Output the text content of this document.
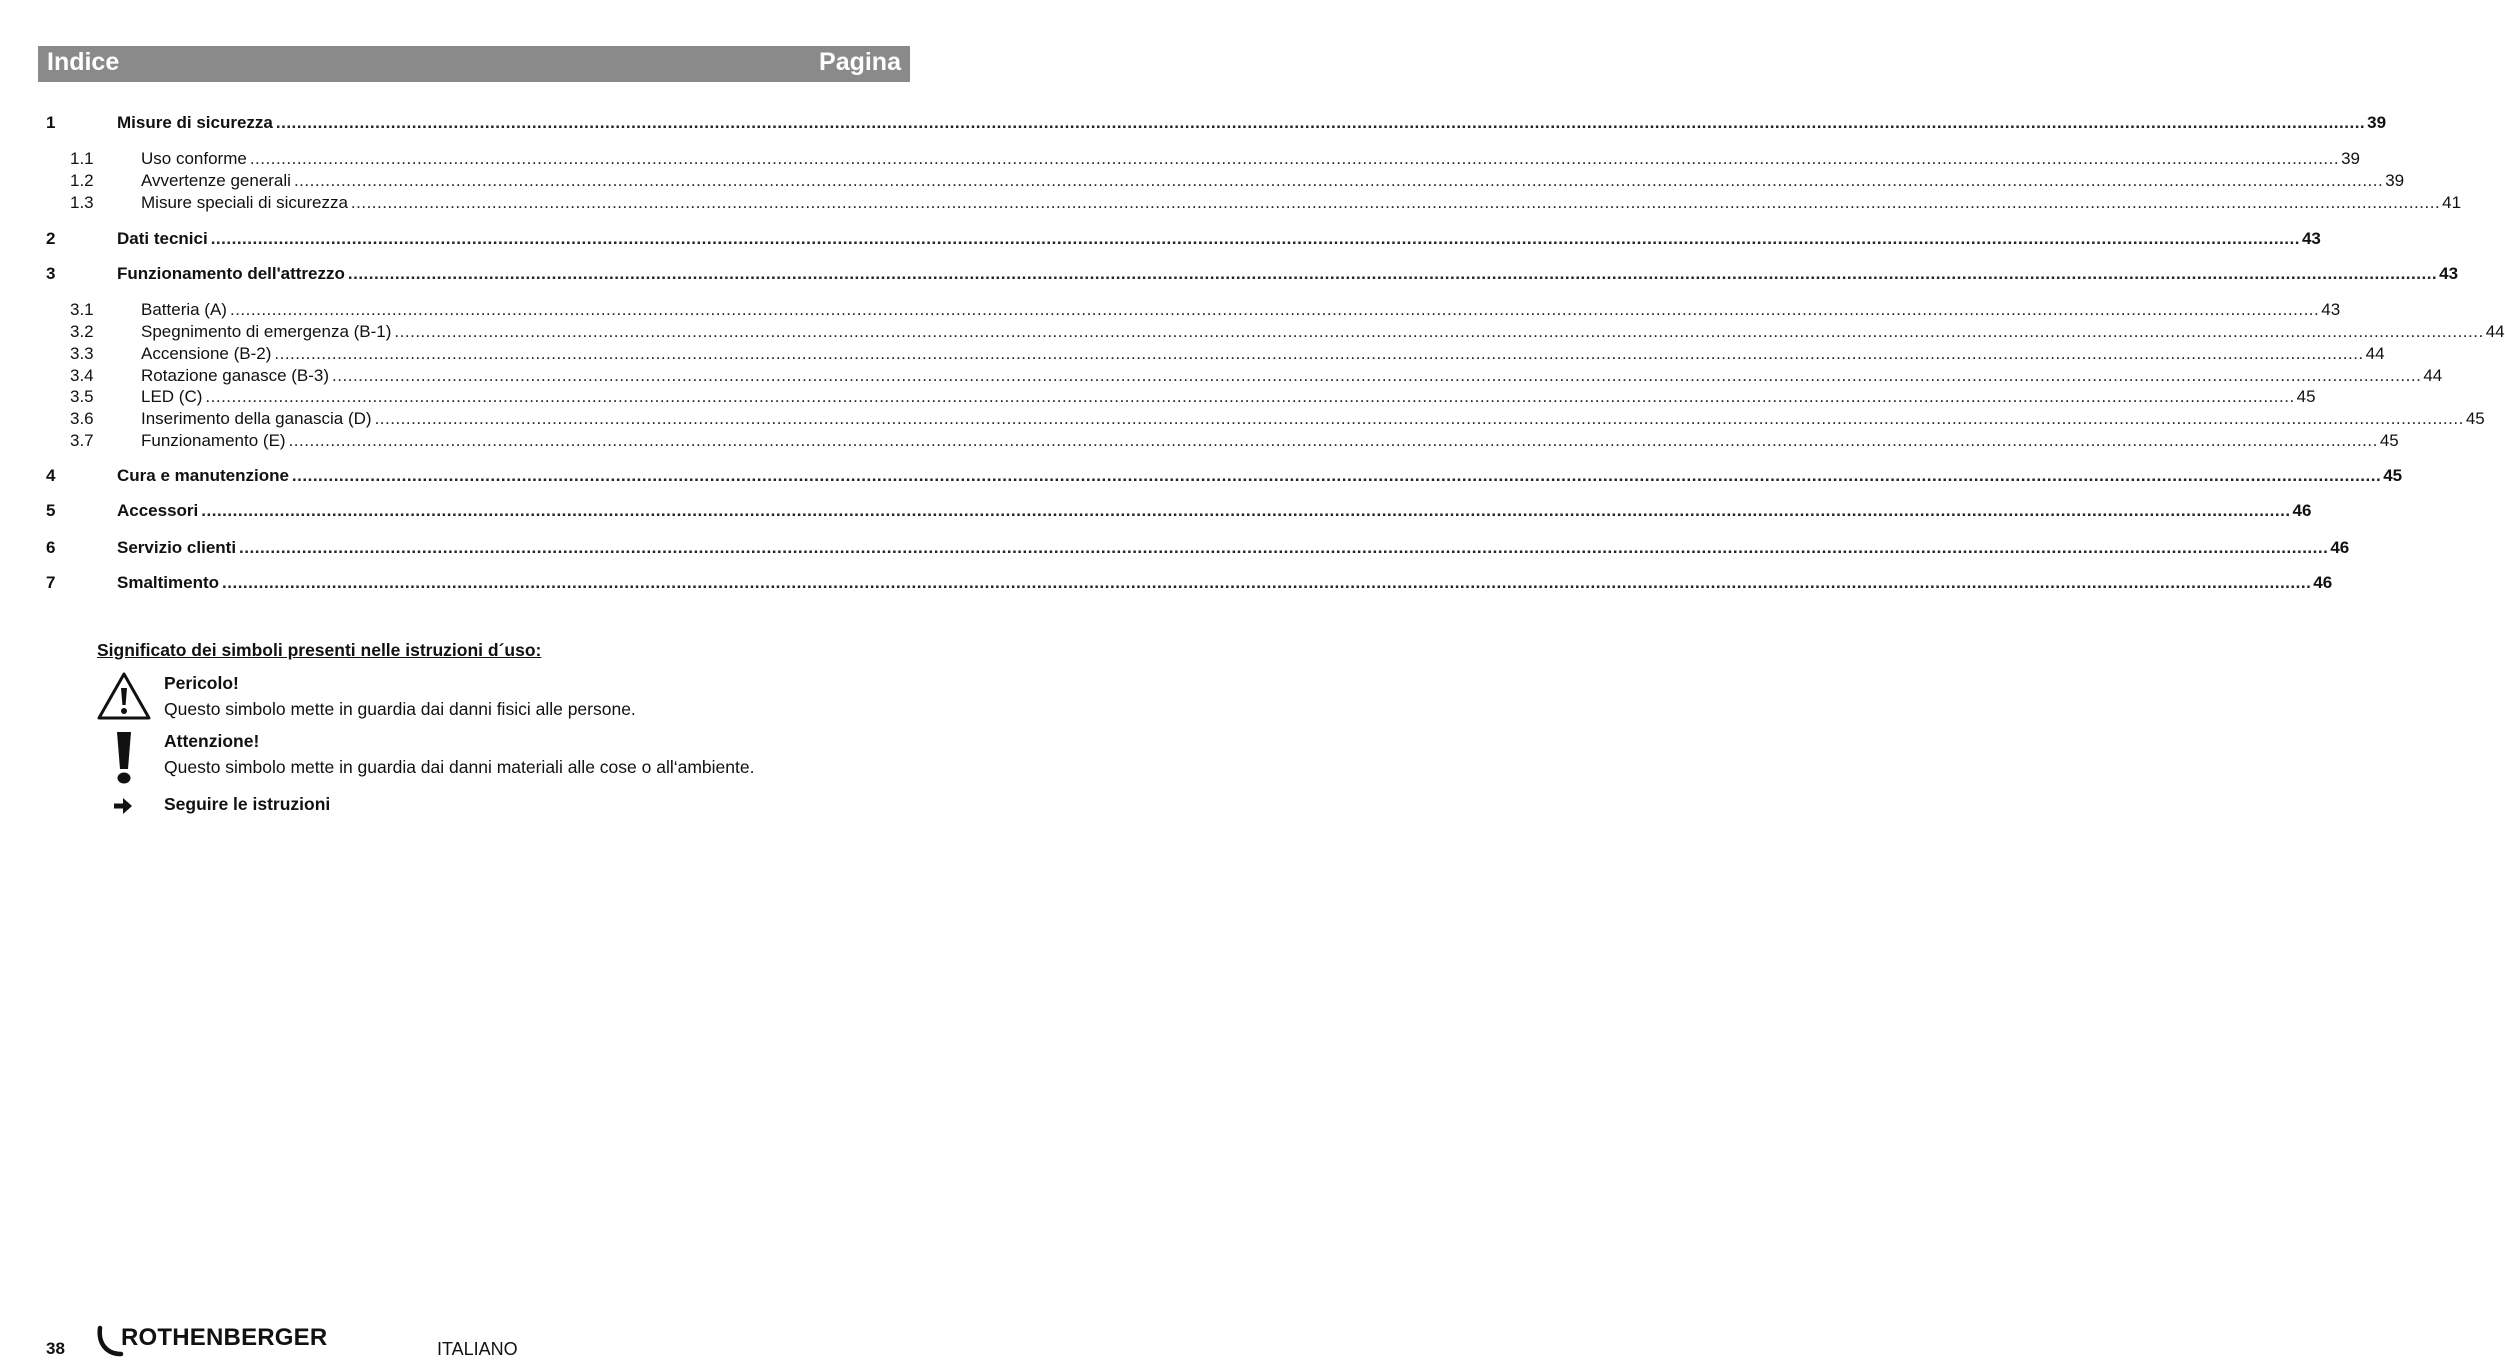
Indice	Pagina
1	Misure di sicurezza ................................................................................................................................................................................................................................................................................................................................................................................................................ 39
1.1	Uso conforme ................................................................................................................................................................................................................................................................................................................................................................................................................ 39
1.2	Avvertenze generali ................................................................................................................................................................................................................................................................................................................................................................................................................ 39
1.3	Misure speciali di sicurezza ................................................................................................................................................................................................................................................................................................................................................................................................................ 41
2	Dati tecnici ................................................................................................................................................................................................................................................................................................................................................................................................................ 43
3	Funzionamento dell'attrezzo ................................................................................................................................................................................................................................................................................................................................................................................................................ 43
3.1	Batteria (A) ................................................................................................................................................................................................................................................................................................................................................................................................................ 43
3.2	Spegnimento di emergenza (B-1) ................................................................................................................................................................................................................................................................................................................................................................................................................ 44
3.3	Accensione (B-2) ................................................................................................................................................................................................................................................................................................................................................................................................................ 44
3.4	Rotazione ganasce (B-3) ................................................................................................................................................................................................................................................................................................................................................................................................................ 44
3.5	LED (C) ................................................................................................................................................................................................................................................................................................................................................................................................................ 45
3.6	Inserimento della ganascia (D) ................................................................................................................................................................................................................................................................................................................................................................................................................ 45
3.7	Funzionamento (E) ................................................................................................................................................................................................................................................................................................................................................................................................................ 45
4	Cura e manutenzione ................................................................................................................................................................................................................................................................................................................................................................................................................ 45
5	Accessori ................................................................................................................................................................................................................................................................................................................................................................................................................ 46
6	Servizio clienti ................................................................................................................................................................................................................................................................................................................................................................................................................ 46
7	Smaltimento ................................................................................................................................................................................................................................................................................................................................................................................................................ 46
Significato dei simboli presenti nelle istruzioni d´uso:
Pericolo!
Questo simbolo mette in guardia dai danni fisici alle persone.
Attenzione!
Questo simbolo mette in guardia dai danni materiali alle cose o all‘ambiente.
Seguire le istruzioni
38 ROTHENBERGER	ITALIANO
